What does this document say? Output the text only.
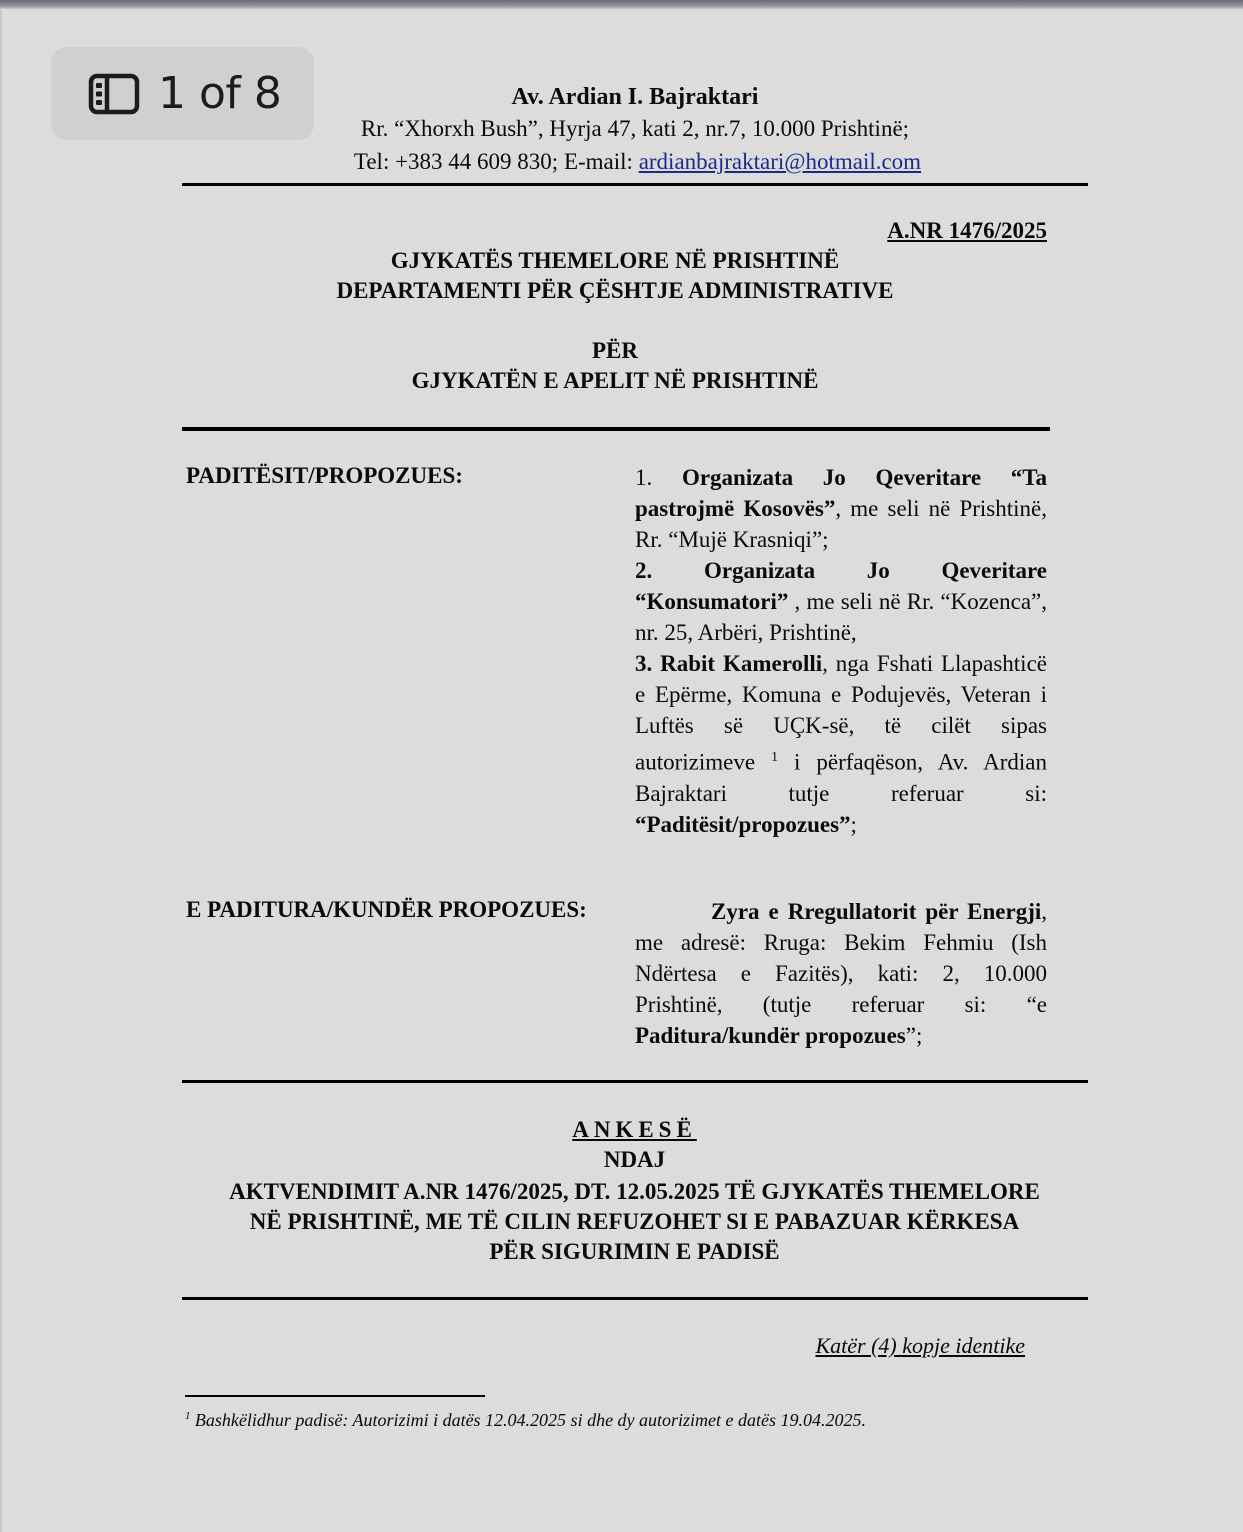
1 of 8	Av. Ardian I. Bajraktari
Rr. “Xhorxh Bush”, Hyrja 47, kati 2, nr.7, 10.000 Prishtinë;
Tel: +383 44 609 830; E-mail: ardianbajraktari@hotmail.com
A.NR 1476/2025
GJYKATËS THEMELORE NË PRISHTINË
DEPARTAMENTI PËR ÇËSHTJE ADMINISTRATIVE
PËR
GJYKATËN E APELIT NË PRISHTINË
PADITËSIT/PROPOZUES:	1. Organizata Jo Qeveritare “Ta pastrojmë Kosovës”, me seli në Prishtinë, Rr. “Mujë Krasniqi”;

2. Organizata Jo Qeveritare “Konsumatori” , me seli në Rr. “Kozenca”, nr. 25, Arbëri, Prishtinë,

3. Rabit Kamerolli, nga Fshati Llapashticë e Epërme, Komuna e Podujevës, Veteran i Luftës së UÇK-së, të cilët sipas autorizimeve $^1$ i përfaqëson, Av. Ardian Bajraktari tutje referuar si: “Paditësit/propozues”;

E PADITURA/KUNDËR PROPOZUES:	Zyra e Rregullatorit për Energji, me adresë: Rruga: Bekim Fehmiu (Ish Ndërtesa e Fazitës), kati: 2, 10.000 Prishtinë, (tutje referuar si: “e Paditura/kundër propozues”;

ANKESË
NDAJ
AKTVENDIMIT A.NR 1476/2025, DT. 12.05.2025 TË GJYKATËS THEMELORE
NË PRISHTINË, ME TË CILIN REFUZOHET SI E PABAZUAR KËRKESA
PËR SIGURIMIN E PADISË
Katër (4) kopje identike
$^1$ Bashkëlidhur padisë: Autorizimi i datës 12.04.2025 si dhe dy autorizimet e datës 19.04.2025.
